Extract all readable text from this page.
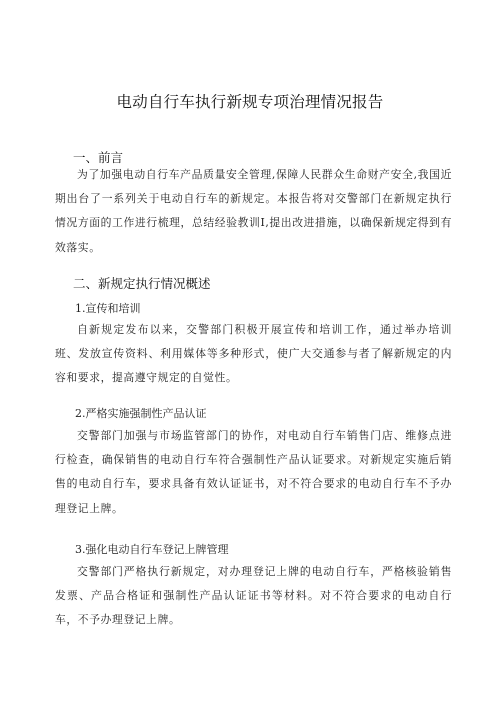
电动自行车执行新规专项治理情况报告
一、前言
为了加强电动自行车产品质量安全管理,保障人民群众生命财产安全,我国近期出台了一系列关于电动自行车的新规定。本报告将对交警部门在新规定执行情况方面的工作进行梳理，总结经验教训I,提出改进措施，以确保新规定得到有效落实。
二、新规定执行情况概述
1.宣传和培训
自新规定发布以来，交警部门积极开展宣传和培训工作，通过举办培训班、发放宣传资料、利用媒体等多种形式，使广大交通参与者了解新规定的内容和要求，提高遵守规定的自觉性。
2.严格实施强制性产品认证
交警部门加强与市场监管部门的协作，对电动自行车销售门店、维修点进行检查，确保销售的电动自行车符合强制性产品认证要求。对新规定实施后销售的电动自行车，要求具备有效认证证书，对不符合要求的电动自行车不予办理登记上牌。
3.强化电动自行车登记上牌管理
交警部门严格执行新规定，对办理登记上牌的电动自行车，严格核验销售发票、产品合格证和强制性产品认证证书等材料。对不符合要求的电动自行车，不予办理登记上牌。
